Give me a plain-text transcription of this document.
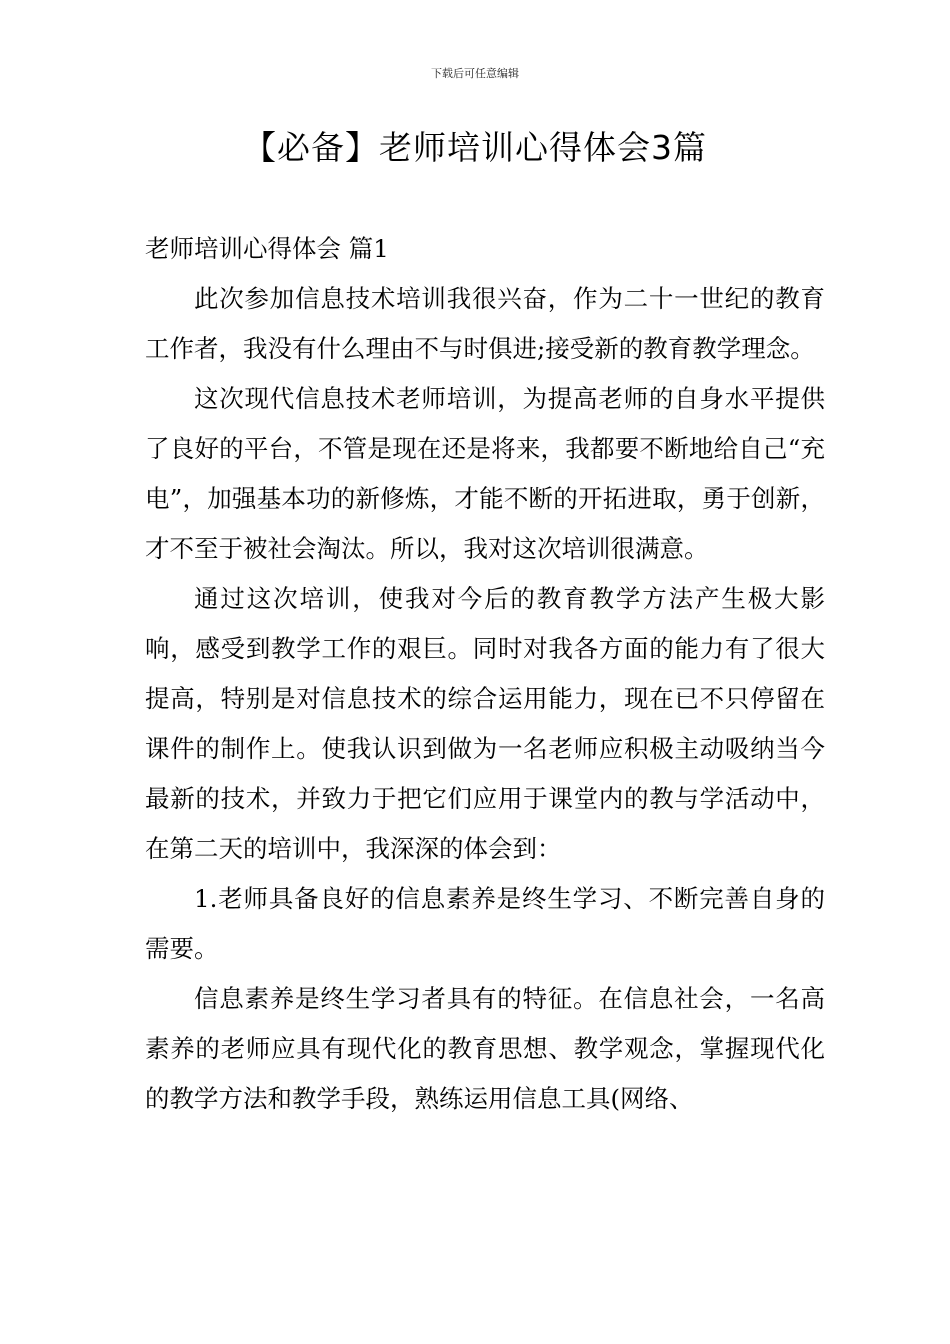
下载后可任意编辑
【必备】老师培训心得体会3篇

老师培训心得体会 篇1

此次参加信息技术培训我很兴奋，作为二十一世纪的教育工作者，我没有什么理由不与时俱进;接受新的教育教学理念。

这次现代信息技术老师培训，为提高老师的自身水平提供了良好的平台，不管是现在还是将来，我都要不断地给自己“充电”，加强基本功的新修炼，才能不断的开拓进取，勇于创新，才不至于被社会淘汰。所以，我对这次培训很满意。

通过这次培训，使我对今后的教育教学方法产生极大影响，感受到教学工作的艰巨。同时对我各方面的能力有了很大提高，特别是对信息技术的综合运用能力，现在已不只停留在课件的制作上。使我认识到做为一名老师应积极主动吸纳当今最新的技术，并致力于把它们应用于课堂内的教与学活动中，在第二天的培训中，我深深的体会到：

1.老师具备良好的信息素养是终生学习、不断完善自身的需要。

信息素养是终生学习者具有的特征。在信息社会，一名高素养的老师应具有现代化的教育思想、教学观念，掌握现代化的教学方法和教学手段，熟练运用信息工具(网络、
